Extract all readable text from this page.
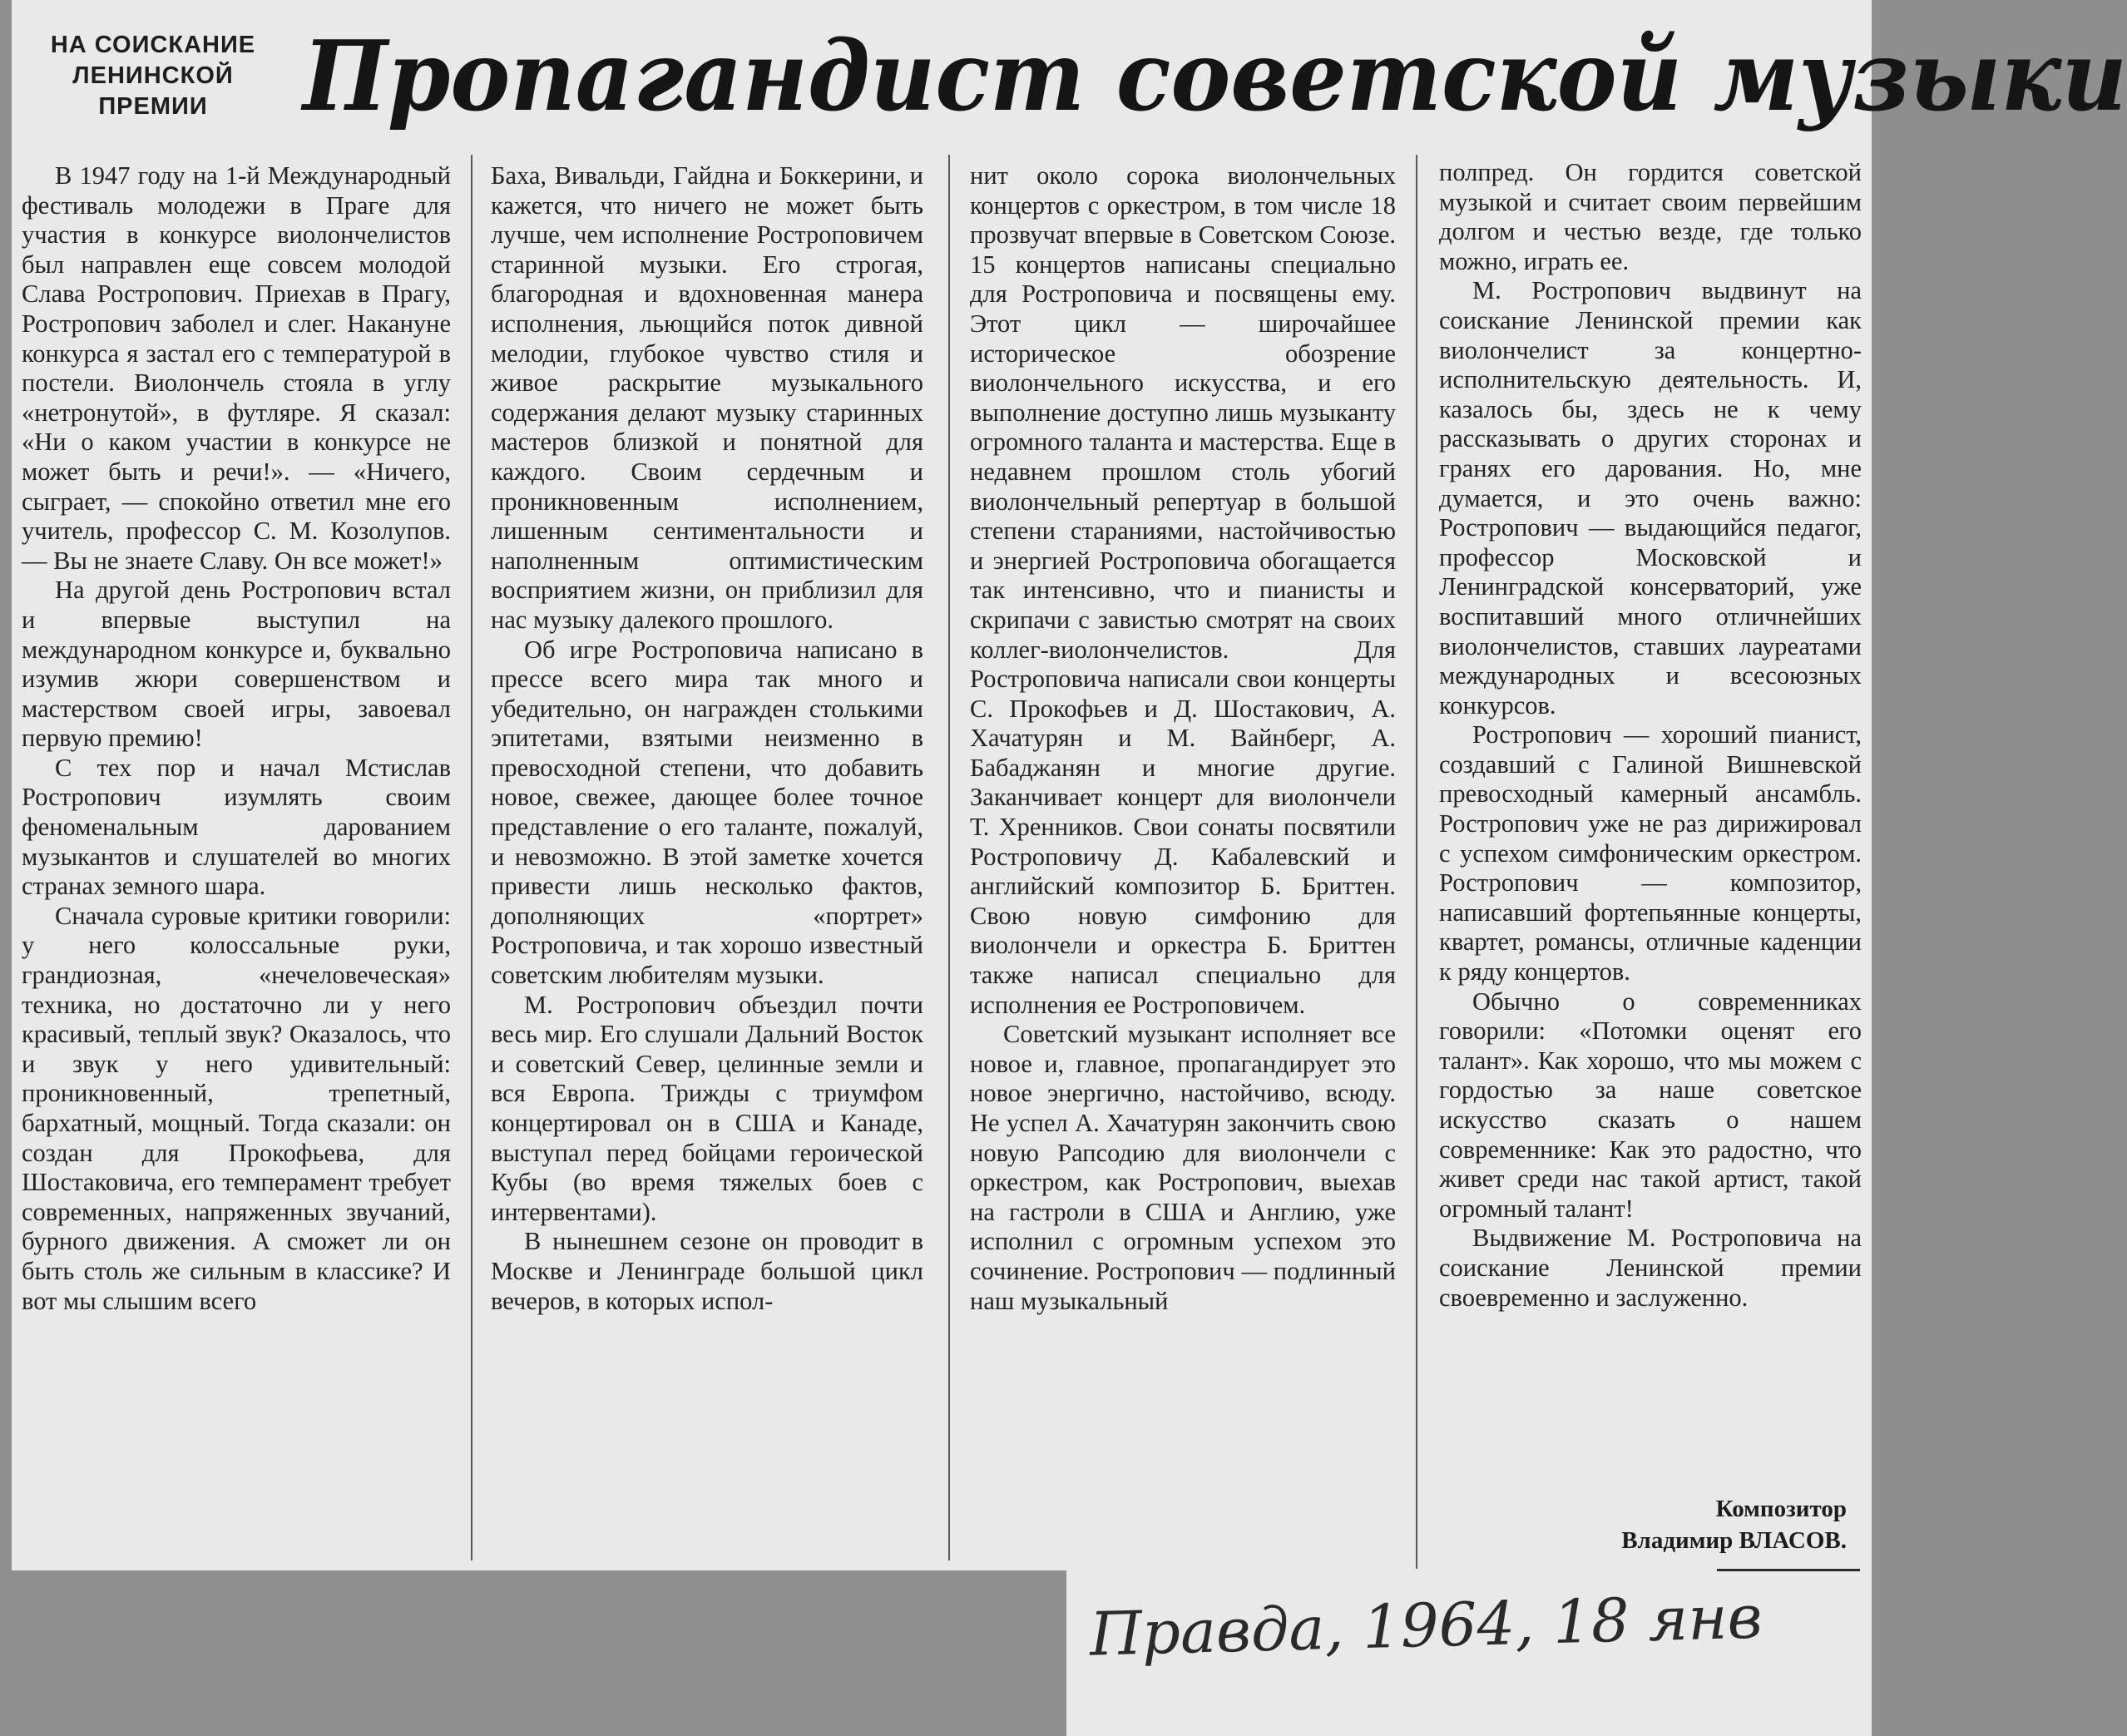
НА СОИСКАНИЕ
ЛЕНИНСКОЙ
ПРЕМИИ Пропагандист советской музыки

В 1947 году на 1-й Международный фестиваль молодежи в Праге для участия в конкурсе виолончелистов был направлен еще совсем молодой Слава Ростропович. Приехав в Прагу, Ростропович заболел и слег. Накануне конкурса я застал его с температурой в постели. Виолончель стояла в углу «нетронутой», в футляре. Я сказал: «Ни о каком участии в конкурсе не может быть и речи!». — «Ничего, сыграет, — спокойно ответил мне его учитель, профессор С. М. Козолупов. — Вы не знаете Славу. Он все может!»

На другой день Ростропович встал и впервые выступил на международном конкурсе и, буквально изумив жюри совершенством и мастерством своей игры, завоевал первую премию!

С тех пор и начал Мстислав Ростропович изумлять своим феноменальным дарованием музыкантов и слушателей во многих странах земного шара.

Сначала суровые критики говорили: у него колоссальные руки, грандиозная, «нечеловеческая» техника, но достаточно ли у него красивый, теплый звук? Оказалось, что и звук у него удивительный: проникновенный, трепетный, бархатный, мощный. Тогда сказали: он создан для Прокофьева, для Шостаковича, его темперамент требует современных, напряженных звучаний, бурного движения. А сможет ли он быть столь же сильным в классике? И вот мы слышим всего

Баха, Вивальди, Гайдна и Боккерини, и кажется, что ничего не может быть лучше, чем исполнение Ростроповичем старинной музыки. Его строгая, благородная и вдохновенная манера исполнения, льющийся поток дивной мелодии, глубокое чувство стиля и живое раскрытие музыкального содержания делают музыку старинных мастеров близкой и понятной для каждого. Своим сердечным и проникновенным исполнением, лишенным сентиментальности и наполненным оптимистическим восприятием жизни, он приблизил для нас музыку далекого прошлого.

Об игре Ростроповича написано в прессе всего мира так много и убедительно, он награжден столькими эпитетами, взятыми неизменно в превосходной степени, что добавить новое, свежее, дающее более точное представление о его таланте, пожалуй, и невозможно. В этой заметке хочется привести лишь несколько фактов, дополняющих «портрет» Ростроповича, и так хорошо известный советским любителям музыки.

М. Ростропович объездил почти весь мир. Его слушали Дальний Восток и советский Север, целинные земли и вся Европа. Трижды с триумфом концертировал он в США и Канаде, выступал перед бойцами героической Кубы (во время тяжелых боев с интервентами).

В нынешнем сезоне он проводит в Москве и Ленинграде большой цикл вечеров, в которых испол-

нит около сорока виолончельных концертов с оркестром, в том числе 18 прозвучат впервые в Советском Союзе. 15 концертов написаны специально для Ростроповича и посвящены ему. Этот цикл — широчайшее историческое обозрение виолончельного искусства, и его выполнение доступно лишь музыканту огромного таланта и мастерства. Еще в недавнем прошлом столь убогий виолончельный репертуар в большой степени стараниями, настойчивостью и энергией Ростроповича обогащается так интенсивно, что и пианисты и скрипачи с завистью смотрят на своих коллег-виолончелистов. Для Ростроповича написали свои концерты С. Прокофьев и Д. Шостакович, А. Хачатурян и М. Вайнберг, А. Бабаджанян и многие другие. Заканчивает концерт для виолончели Т. Хренников. Свои сонаты посвятили Ростроповичу Д. Кабалевский и английский композитор Б. Бриттен. Свою новую симфонию для виолончели и оркестра Б. Бриттен также написал специально для исполнения ее Ростроповичем.

Советский музыкант исполняет все новое и, главное, пропагандирует это новое энергично, настойчиво, всюду. Не успел А. Хачатурян закончить свою новую Рапсодию для виолончели с оркестром, как Ростропович, выехав на гастроли в США и Англию, уже исполнил с огромным успехом это сочинение. Ростропович — подлинный наш музыкальный

полпред. Он гордится советской музыкой и считает своим первейшим долгом и честью везде, где только можно, играть ее.

М. Ростропович выдвинут на соискание Ленинской премии как виолончелист за концертно-исполнительскую деятельность. И, казалось бы, здесь не к чему рассказывать о других сторонах и гранях его дарования. Но, мне думается, и это очень важно: Ростропович — выдающийся педагог, профессор Московской и Ленинградской консерваторий, уже воспитавший много отличнейших виолончелистов, ставших лауреатами международных и всесоюзных конкурсов.

Ростропович — хороший пианист, создавший с Галиной Вишневской превосходный камерный ансамбль. Ростропович уже не раз дирижировал с успехом симфоническим оркестром. Ростропович — композитор, написавший фортепьянные концерты, квартет, романсы, отличные каденции к ряду концертов.

Обычно о современниках говорили: «Потомки оценят его талант». Как хорошо, что мы можем с гордостью за наше советское искусство сказать о нашем современнике: Как это радостно, что живет среди нас такой артист, такой огромный талант!

Выдвижение М. Ростроповича на соискание Ленинской премии своевременно и заслуженно.

Композитор
Владимир ВЛАСОВ.
Правда, 1964, 18 янв
